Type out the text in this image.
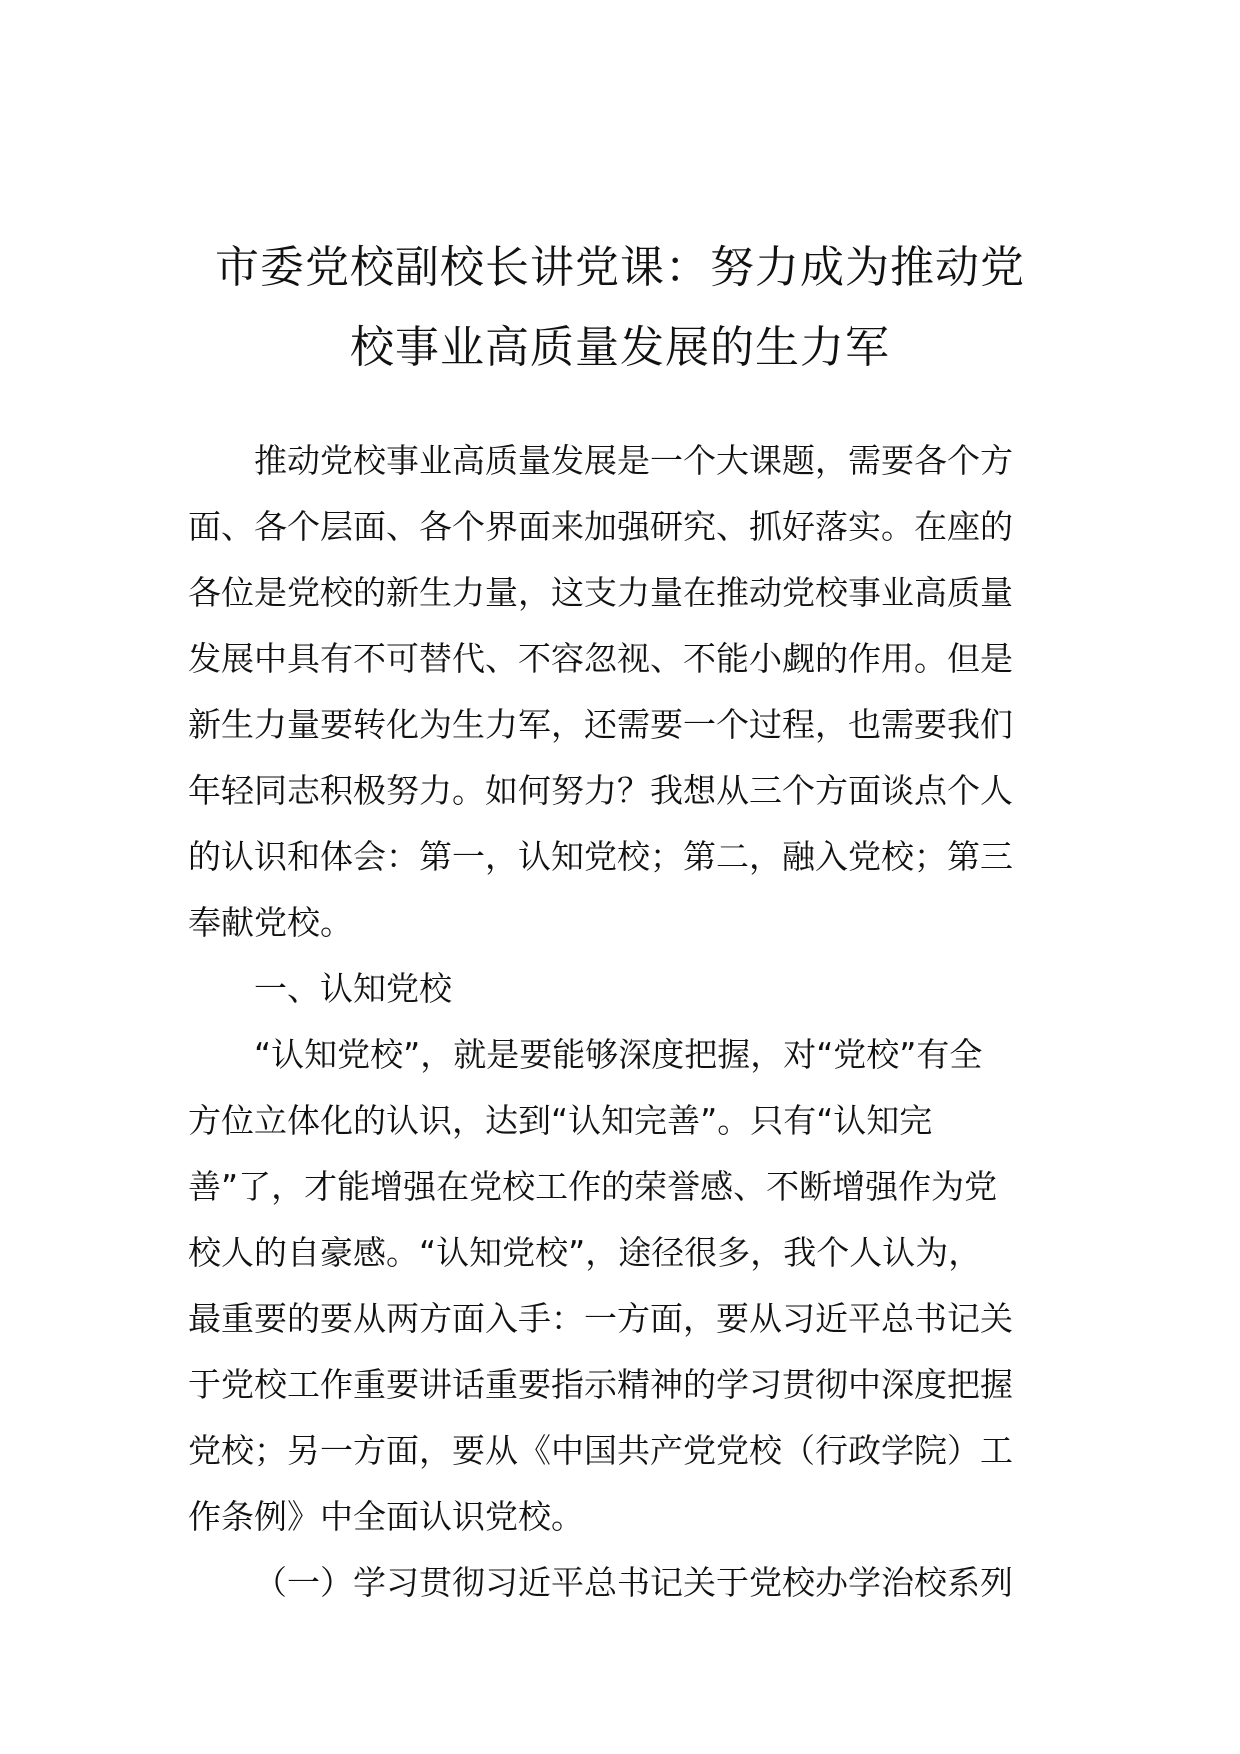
市委党校副校长讲党课：努力成为推动党
校事业高质量发展的生力军
推动党校事业高质量发展是一个大课题，需要各个方
面、各个层面、各个界面来加强研究、抓好落实。在座的
各位是党校的新生力量，这支力量在推动党校事业高质量
发展中具有不可替代、不容忽视、不能小觑的作用。但是
新生力量要转化为生力军，还需要一个过程，也需要我们
年轻同志积极努力。如何努力？我想从三个方面谈点个人
的认识和体会：第一，认知党校；第二，融入党校；第三
奉献党校。
一、认知党校
“认知党校”，就是要能够深度把握，对“党校”有全
方位立体化的认识，达到“认知完善”。只有“认知完
善”了，才能增强在党校工作的荣誉感、不断增强作为党
校人的自豪感。“认知党校”，途径很多，我个人认为，
最重要的要从两方面入手：一方面，要从习近平总书记关
于党校工作重要讲话重要指示精神的学习贯彻中深度把握
党校；另一方面，要从《中国共产党党校（行政学院）工
作条例》中全面认识党校。
（一）学习贯彻习近平总书记关于党校办学治校系列
